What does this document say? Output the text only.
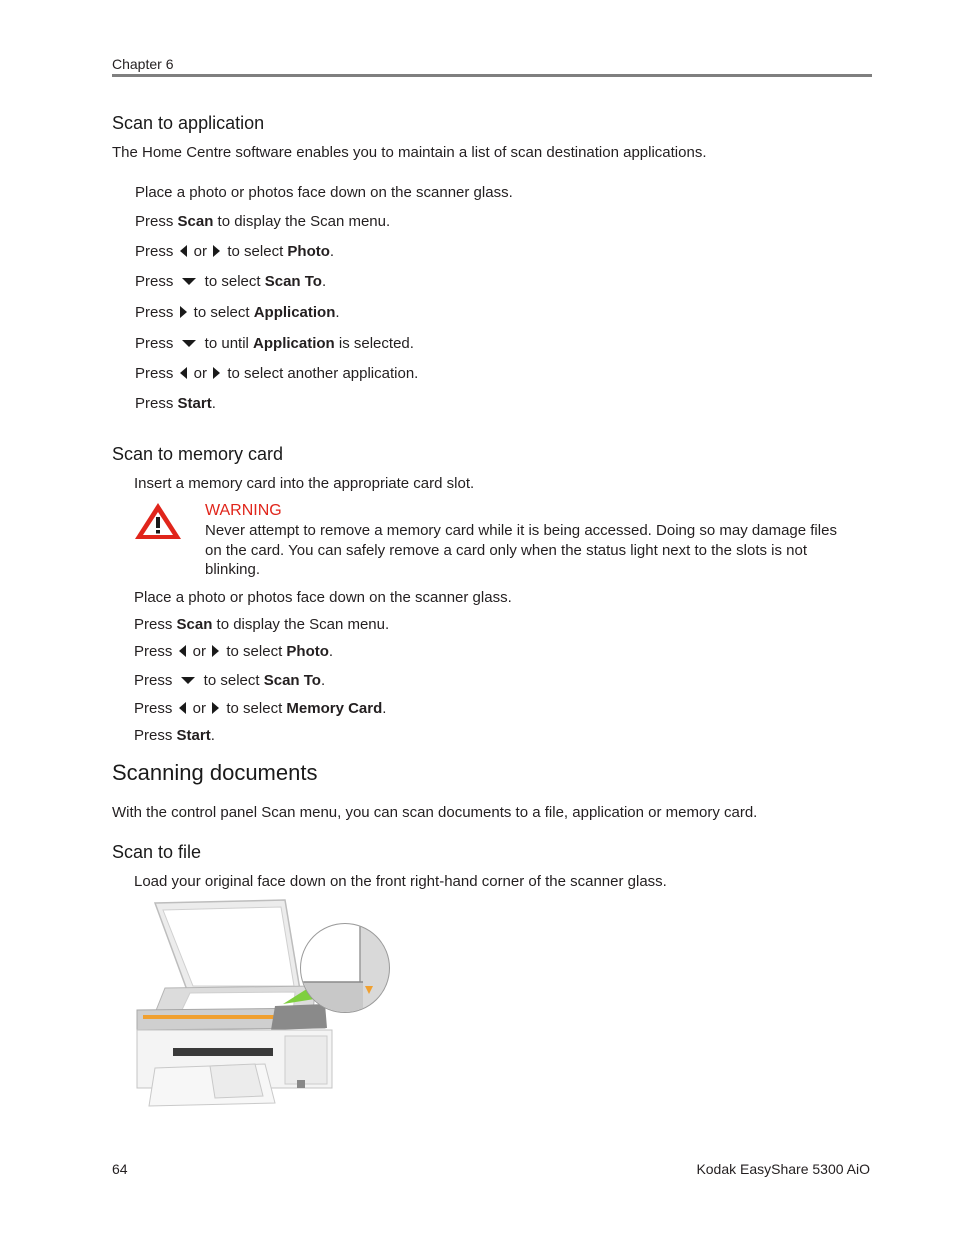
Chapter 6
Scan to application
The Home Centre software enables you to maintain a list of scan destination applications.
Place a photo or photos face down on the scanner glass.
Press Scan to display the Scan menu.
Press  or  to select Photo.
Press  to select Scan To.
Press  to select Application.
Press  to until Application is selected.
Press  or  to select another application.
Press Start.
Scan to memory card
Insert a memory card into the appropriate card slot.
WARNING
Never attempt to remove a memory card while it is being accessed. Doing so may damage files on the card. You can safely remove a card only when the status light next to the slots is not blinking.
Place a photo or photos face down on the scanner glass.
Press Scan to display the Scan menu.
Press  or  to select Photo.
Press  to select Scan To.
Press  or  to select Memory Card.
Press Start.
Scanning documents
With the control panel Scan menu, you can scan documents to a file, application or memory card.
Scan to file
Load your original face down on the front right-hand corner of the scanner glass.
64	Kodak EasyShare 5300 AiO
